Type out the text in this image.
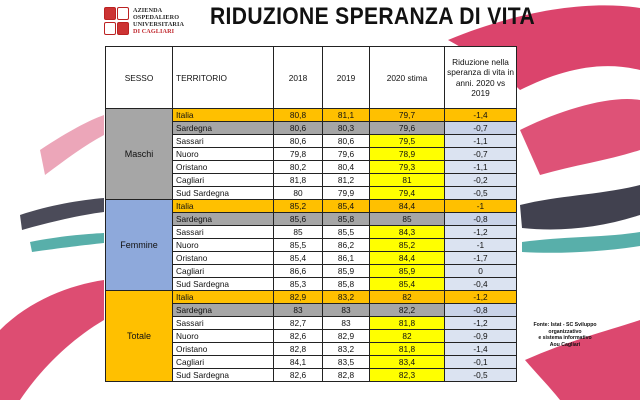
AZIENDA
OSPEDALIERO
UNIVERSITARIA
DI CAGLIARI
RIDUZIONE SPERANZA DI VITA
SESSO	TERRITORIO	2018	2019	2020 stima	Riduzione nella speranza di vita in anni. 2020 vs 2019
Maschi	Italia	80,8	81,1	79,7	-1,4
	Sardegna	80,6	80,3	79,6	-0,7
	Sassari	80,6	80,6	79,5	-1,1
	Nuoro	79,8	79,6	78,9	-0,7
	Oristano	80,2	80,4	79,3	-1,1
	Cagliari	81,8	81,2	81	-0,2
	Sud Sardegna	80	79,9	79,4	-0,5
Femmine	Italia	85,2	85,4	84,4	-1
	Sardegna	85,6	85,8	85	-0,8
	Sassari	85	85,5	84,3	-1,2
	Nuoro	85,5	86,2	85,2	-1
	Oristano	85,4	86,1	84,4	-1,7
	Cagliari	86,6	85,9	85,9	0
	Sud Sardegna	85,3	85,8	85,4	-0,4
Totale	Italia	82,9	83,2	82	-1,2
	Sardegna	83	83	82,2	-0,8
	Sassari	82,7	83	81,8	-1,2
	Nuoro	82,6	82,9	82	-0,9
	Oristano	82,8	83,2	81,8	-1,4
	Cagliari	84,1	83,5	83,4	-0,1
	Sud Sardegna	82,6	82,8	82,3	-0,5
Fonte: Istat - SC Sviluppo
organizzativo
e sistema informativo
Aou Cagliari
